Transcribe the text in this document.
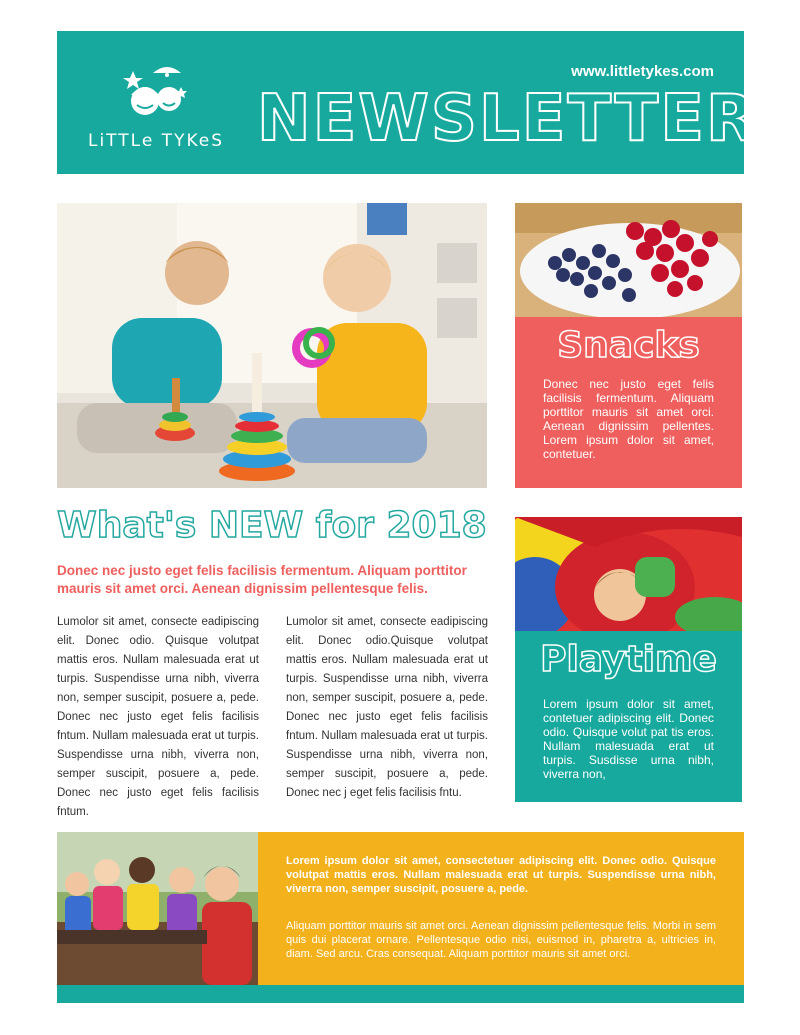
LiTTLe TYKeS
www.littletykes.com
NEWSLETTER
Snacks
Donec nec justo eget felis facilisis fermentum. Aliquam porttitor mauris sit amet orci. Aenean dignissim pellentes. Lorem ipsum dolor sit amet, contetuer.
What's NEW for 2018
Donec nec justo eget felis facilisis fermentum. Aliquam porttitor mauris sit amet orci. Aenean dignissim pellentesque felis.
Lumolor sit amet, consecte eadipiscing elit. Donec odio. Quisque volutpat mattis eros. Nullam malesuada erat ut turpis. Suspendisse urna nibh, viverra non, semper suscipit, posuere a, pede. Donec nec justo eget felis facilisis fntum. Nullam malesuada erat ut turpis. Suspendisse urna nibh, viverra non, semper suscipit, posuere a, pede. Donec nec justo eget felis facilisis fntum.
Lumolor sit amet, consecte eadipiscing elit. Donec odio.Quisque volutpat mattis eros. Nullam malesuada erat ut turpis. Suspendisse urna nibh, viverra non, semper suscipit, posuere a, pede. Donec nec justo eget felis facilisis fntum. Nullam malesuada erat ut turpis. Suspendisse urna nibh, viverra non, semper suscipit, posuere a, pede. Donec nec j eget felis facilisis fntu.
Playtime
Lorem ipsum dolor sit amet, contetuer adipiscing elit. Donec odio. Quisque volut pat tis eros. Nullam malesuada erat ut turpis. Susdisse urna nibh, viverra non,
Lorem ipsum dolor sit amet, consectetuer adipiscing elit. Donec odio. Quisque volutpat mattis eros. Nullam malesuada erat ut turpis. Suspendisse urna nibh, viverra non, semper suscipit, posuere a, pede.
Aliquam porttitor mauris sit amet orci. Aenean dignissim pellentesque felis. Morbi in sem quis dui placerat ornare. Pellentesque odio nisi, euismod in, pharetra a, ultricies in, diam. Sed arcu. Cras consequat. Aliquam porttitor mauris sit amet orci.
